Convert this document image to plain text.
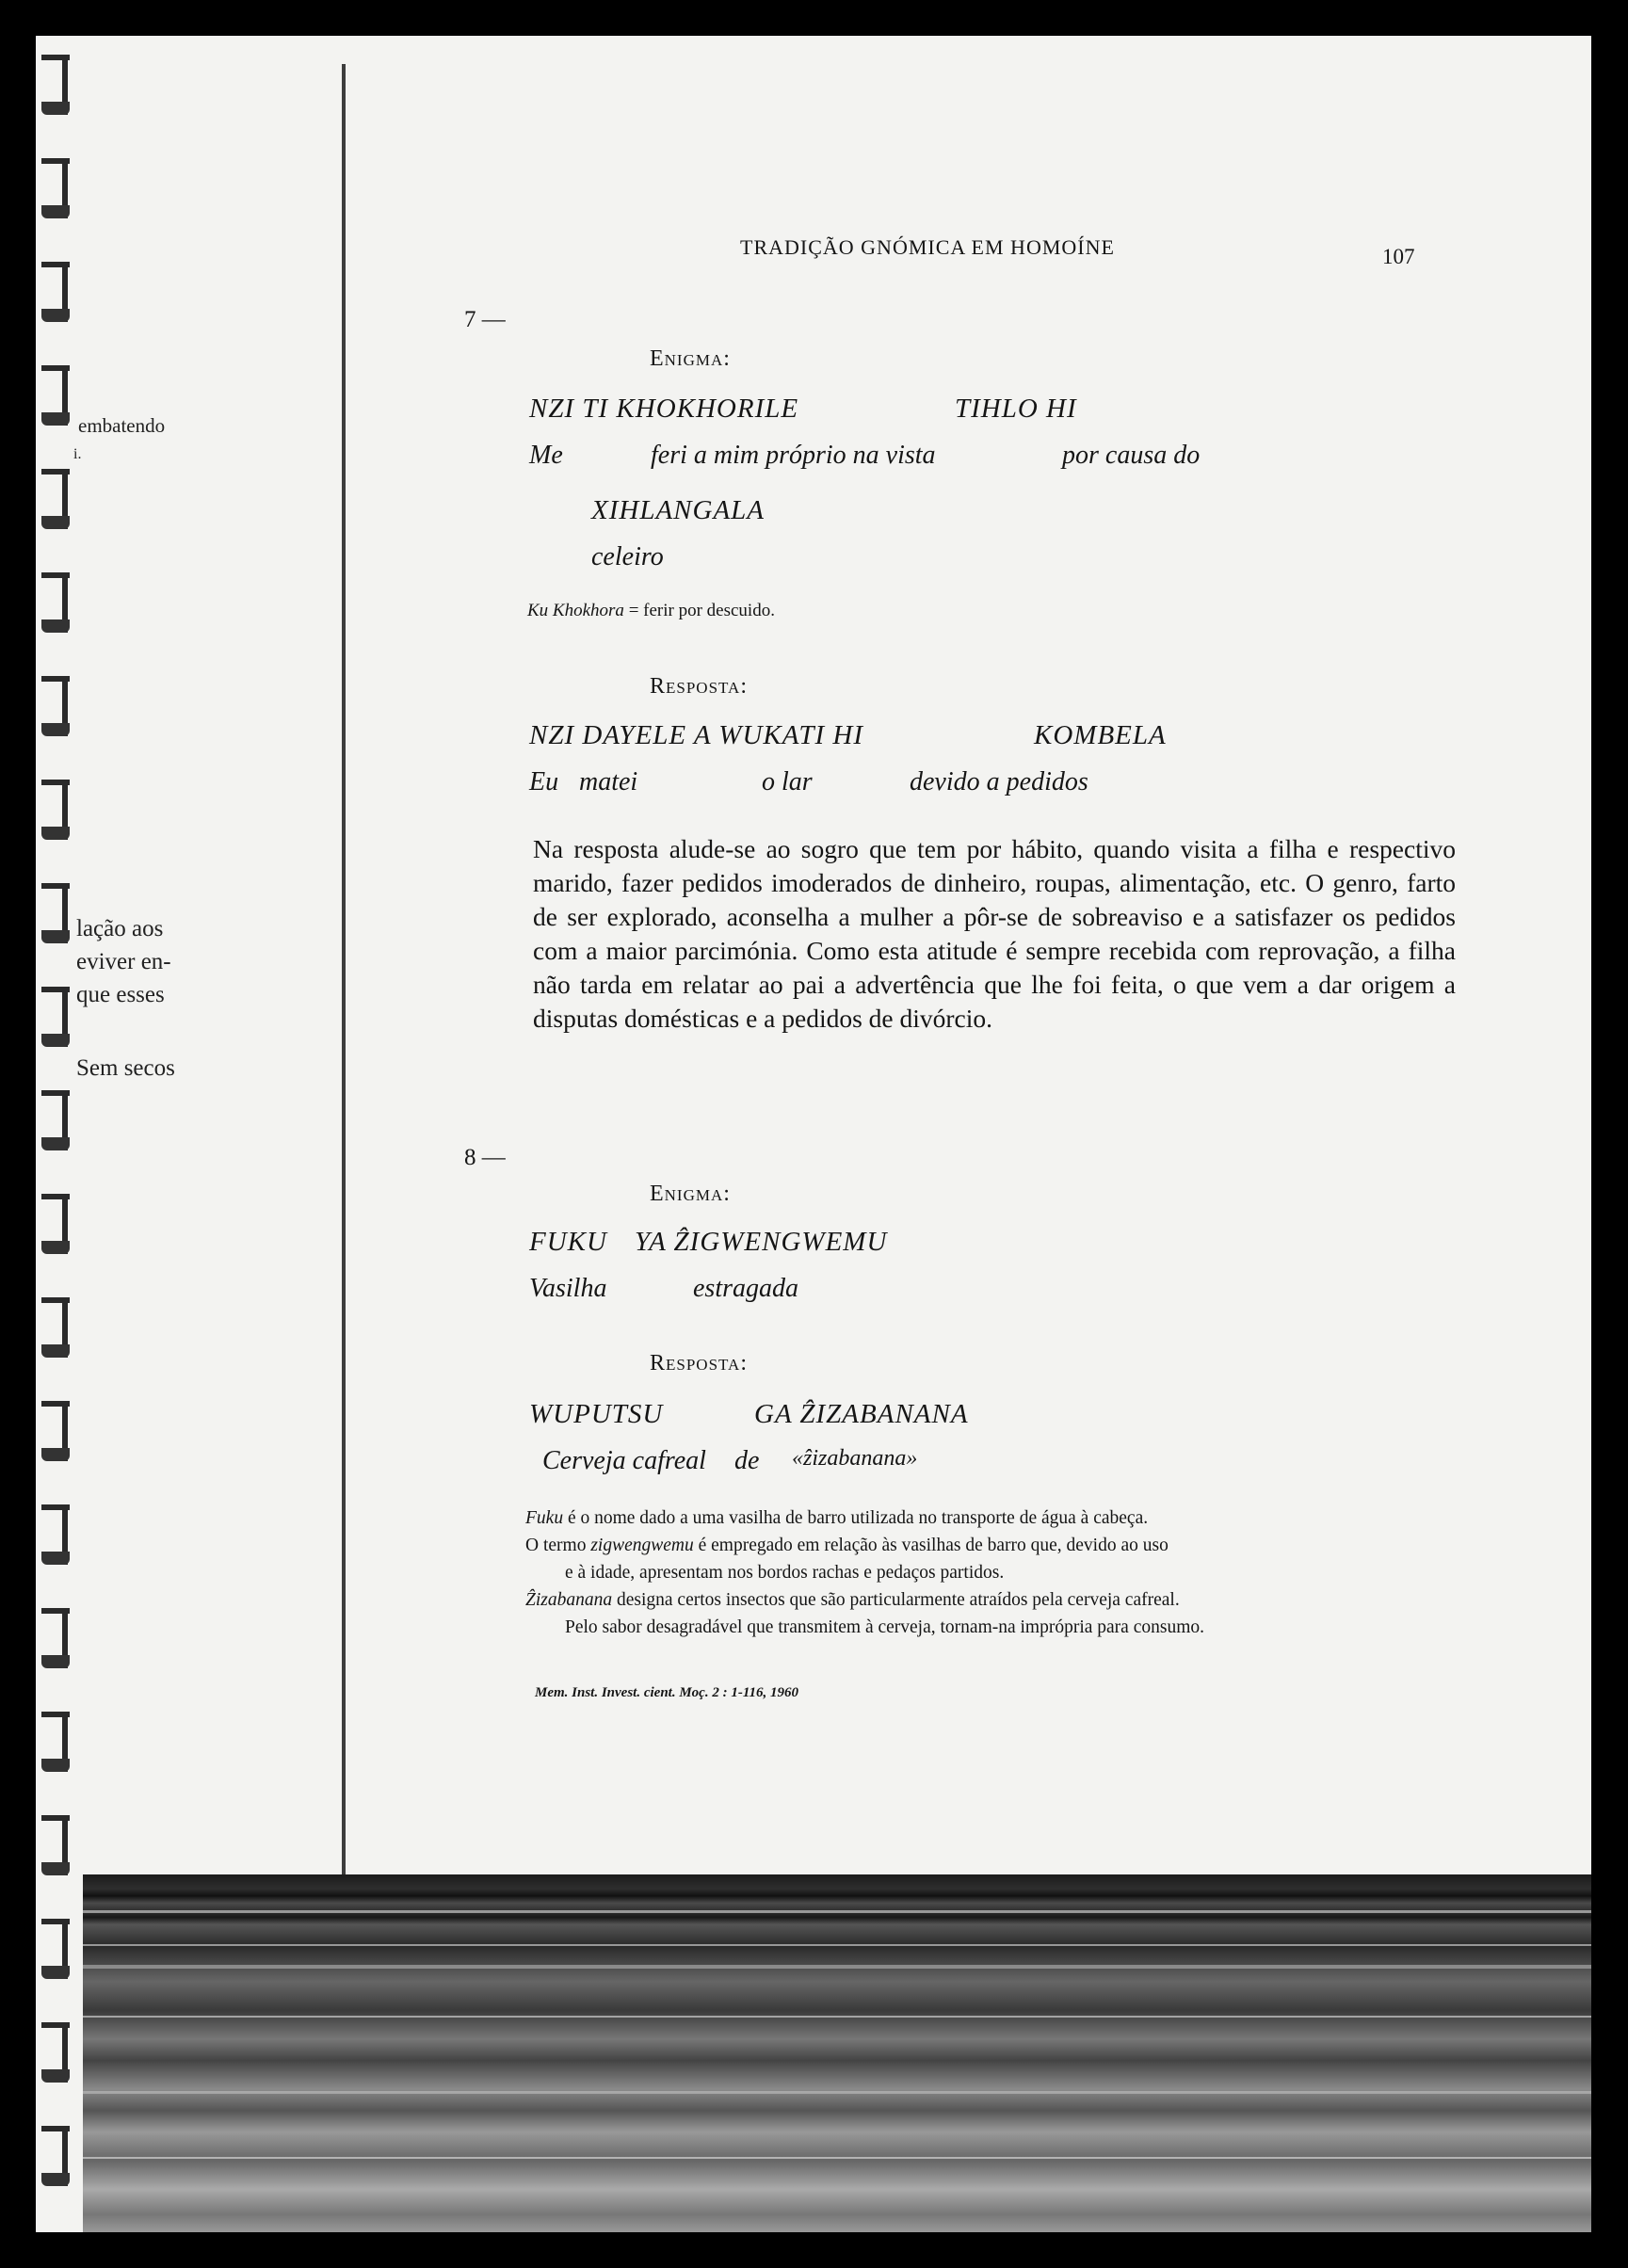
embatendo
i.
lação aos
eviver en-
que esses
Sem secos
TRADIÇÃO GNÓMICA EM HOMOÍNE	107
7 —
Enigma:
NZI TI KHOKHORILE	TIHLO HI
Me	feri a mim próprio na vista	por causa do
XIHLANGALA
celeiro
Ku Khokhora = ferir por descuido.
Resposta:
NZI DAYELE A WUKATI HI	KOMBELA
Eu matei	o lar	devido a pedidos

Na resposta alude-se ao sogro que tem por hábito, quando visita a filha e respectivo marido, fazer pedidos imoderados de dinheiro, roupas, alimentação, etc. O genro, farto de ser explorado, aconselha a mulher a pôr-se de sobreaviso e a satisfazer os pedidos com a maior parcimónia. Como esta atitude é sempre recebida com reprovação, a filha não tarda em relatar ao pai a advertência que lhe foi feita, o que vem a dar origem a disputas domésticas e a pedidos de divórcio.

8 —
Enigma:
FUKU YA ẐIGWENGWEMU
Vasilha	estragada
Resposta:
WUPUTSU	GA ẐIZABANANA
Cerveja cafreal de «ẑizabanana»

Fuku é o nome dado a uma vasilha de barro utilizada no transporte de água à cabeça.

O termo zigwengwemu é empregado em relação às vasilhas de barro que, devido ao uso

e à idade, apresentam nos bordos rachas e pedaços partidos.

Ẑizabanana designa certos insectos que são particularmente atraídos pela cerveja cafreal.

Pelo sabor desagradável que transmitem à cerveja, tornam-na imprópria para consumo.

Mem. Inst. Invest. cient. Moç. 2 : 1-116, 1960
